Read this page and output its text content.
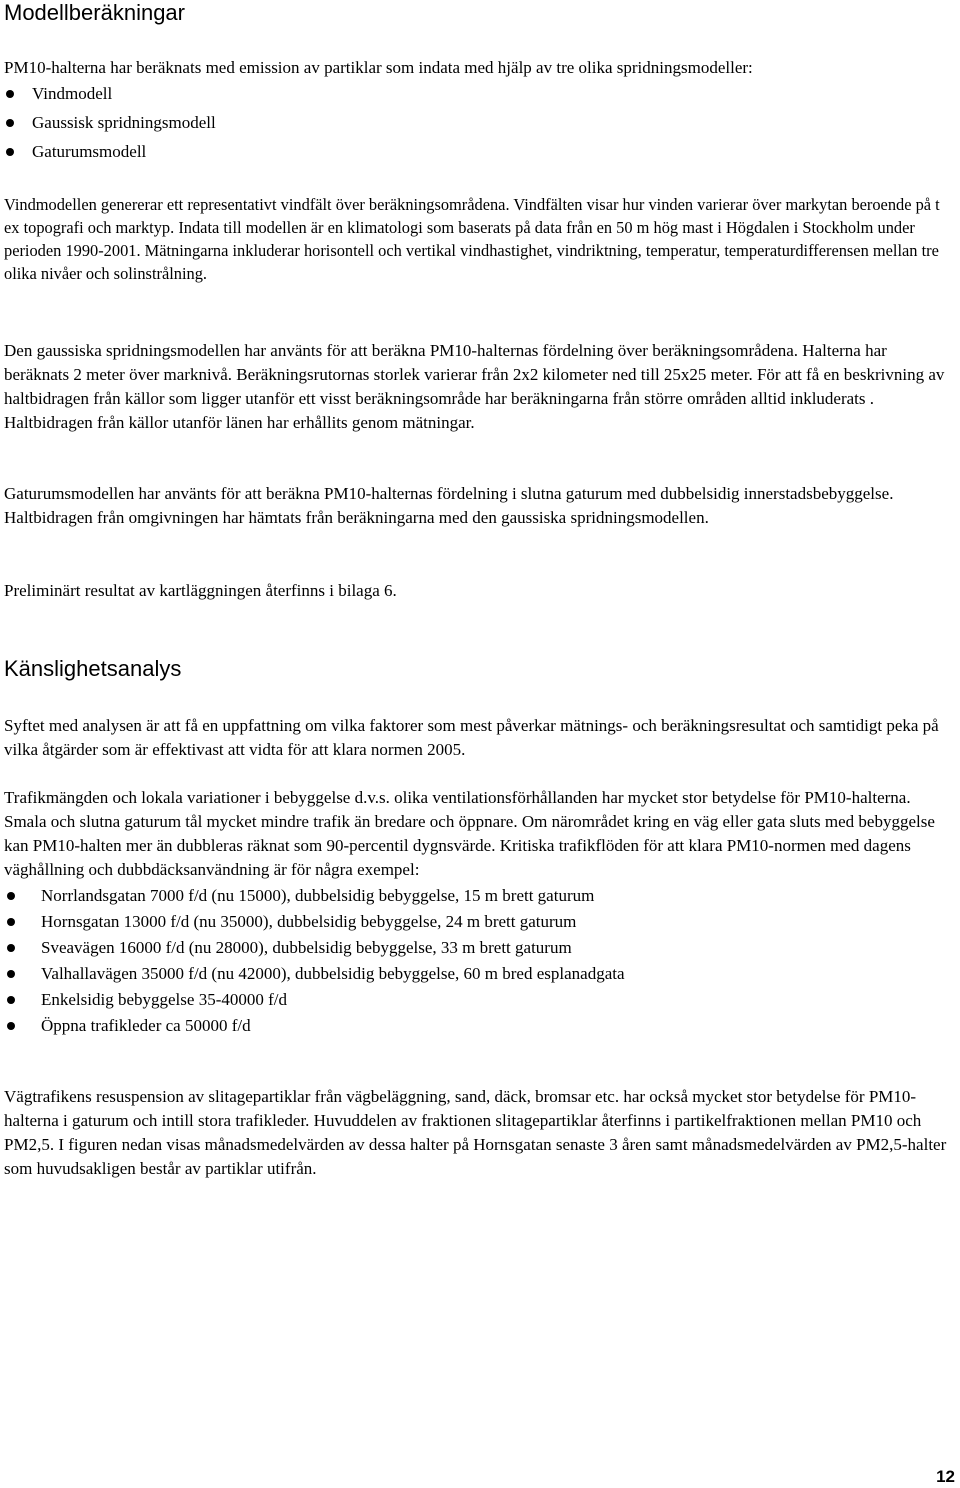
Modellberäkningar

PM10-halterna har beräknats med emission av partiklar som indata med hjälp av tre olika spridningsmodeller:

Vindmodell
Gaussisk spridningsmodell
Gaturumsmodell

Vindmodellen genererar ett representativt vindfält över beräkningsområdena. Vindfälten visar hur vinden varierar över markytan beroende på t ex topografi och marktyp. Indata till modellen är en klimatologi som baserats på data från en 50 m hög mast i Högdalen i Stockholm under perioden 1990-2001. Mätningarna inkluderar horisontell och vertikal vindhastighet, vindriktning, temperatur, temperaturdifferensen mellan tre olika nivåer och solinstrålning.

Den gaussiska spridningsmodellen har använts för att beräkna PM10-halternas fördelning över beräkningsområdena. Halterna har beräknats 2 meter över marknivå. Beräkningsrutornas storlek varierar från 2x2 kilometer ned till 25x25 meter. För att få en beskrivning av haltbidragen från källor som ligger utanför ett visst beräkningsområde har beräkningarna från större områden alltid inkluderats . Haltbidragen från källor utanför länen har erhållits genom mätningar.

Gaturumsmodellen har använts för att beräkna PM10-halternas fördelning i slutna gaturum med dubbelsidig innerstadsbebyggelse. Haltbidragen från omgivningen har hämtats från beräkningarna med den gaussiska spridningsmodellen.

Preliminärt resultat av kartläggningen återfinns i bilaga 6.

Känslighetsanalys

Syftet med analysen är att få en uppfattning om vilka faktorer som mest påverkar mätnings- och beräkningsresultat och samtidigt peka på vilka åtgärder som är effektivast att vidta för att klara normen 2005.

Trafikmängden och lokala variationer i bebyggelse d.v.s. olika ventilationsförhållanden har mycket stor betydelse för PM10-halterna. Smala och slutna gaturum tål mycket mindre trafik än bredare och öppnare. Om närområdet kring en väg eller gata sluts med bebyggelse kan PM10-halten mer än dubbleras räknat som 90-percentil dygnsvärde. Kritiska trafikflöden för att klara PM10-normen med dagens väghållning och dubbdäcksanvändning är för några exempel:

Norrlandsgatan 7000 f/d (nu 15000), dubbelsidig bebyggelse, 15 m brett gaturum
Hornsgatan 13000 f/d (nu 35000), dubbelsidig bebyggelse, 24 m brett gaturum
Sveavägen 16000 f/d (nu 28000), dubbelsidig bebyggelse, 33 m brett gaturum
Valhallavägen 35000 f/d (nu 42000), dubbelsidig bebyggelse, 60 m bred esplanadgata
Enkelsidig bebyggelse 35-40000 f/d
Öppna trafikleder ca 50000 f/d

Vägtrafikens resuspension av slitagepartiklar från vägbeläggning, sand, däck, bromsar etc. har också mycket stor betydelse för PM10-halterna i gaturum och intill stora trafikleder. Huvuddelen av fraktionen slitagepartiklar återfinns i partikelfraktionen mellan PM10 och PM2,5. I figuren nedan visas månadsmedelvärden av dessa halter på Hornsgatan senaste 3 åren samt månadsmedelvärden av PM2,5-halter som huvudsakligen består av partiklar utifrån.

12
